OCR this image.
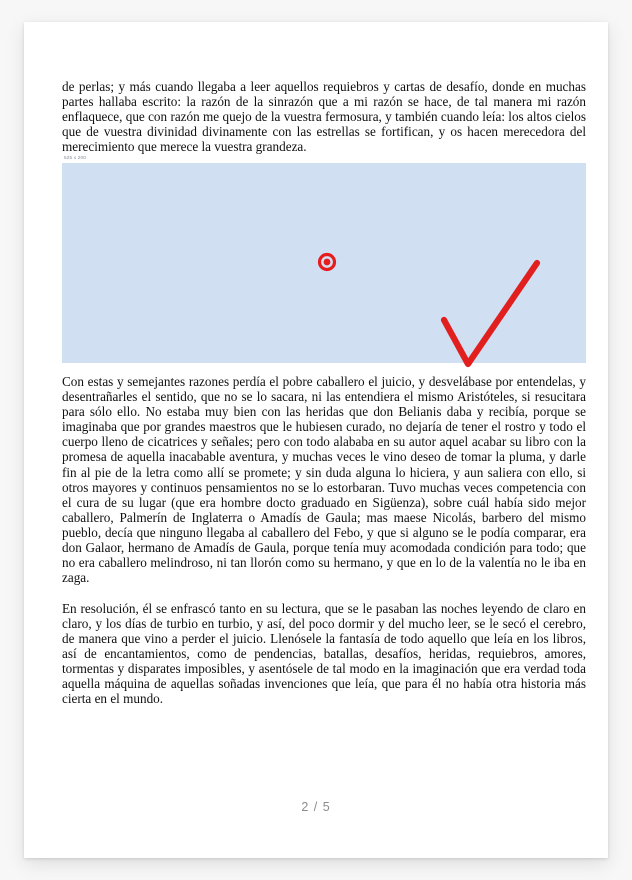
de perlas; y más cuando llegaba a leer aquellos requiebros y cartas de desafío, donde en muchas partes hallaba escrito: la razón de la sinrazón que a mi razón se hace, de tal manera mi razón enflaquece, que con razón me quejo de la vuestra fermosura, y también cuando leía: los altos cielos que de vuestra divinidad divinamente con las estrellas se fortifican, y os hacen merecedora del merecimiento que merece la vuestra grandeza.

525 x 200

Con estas y semejantes razones perdía el pobre caballero el juicio, y desvelábase por entendelas, y desentrañarles el sentido, que no se lo sacara, ni las entendiera el mismo Aristóteles, si resucitara para sólo ello. No estaba muy bien con las heridas que don Belianis daba y recibía, porque se imaginaba que por grandes maestros que le hubiesen curado, no dejaría de tener el rostro y todo el cuerpo lleno de cicatrices y señales; pero con todo alababa en su autor aquel acabar su libro con la promesa de aquella inacabable aventura, y muchas veces le vino deseo de tomar la pluma, y darle fin al pie de la letra como allí se promete; y sin duda alguna lo hiciera, y aun saliera con ello, si otros mayores y continuos pensamientos no se lo estorbaran. Tuvo muchas veces competencia con el cura de su lugar (que era hombre docto graduado en Sigüenza), sobre cuál había sido mejor caballero, Palmerín de Inglaterra o Amadís de Gaula; mas maese Nicolás, barbero del mismo pueblo, decía que ninguno llegaba al caballero del Febo, y que si alguno se le podía comparar, era don Galaor, hermano de Amadís de Gaula, porque tenía muy acomodada condición para todo; que no era caballero melindroso, ni tan llorón como su hermano, y que en lo de la valentía no le iba en zaga.

En resolución, él se enfrascó tanto en su lectura, que se le pasaban las noches leyendo de claro en claro, y los días de turbio en turbio, y así, del poco dormir y del mucho leer, se le secó el cerebro, de manera que vino a perder el juicio. Llenósele la fantasía de todo aquello que leía en los libros, así de encantamientos, como de pendencias, batallas, desafíos, heridas, requiebros, amores, tormentas y disparates imposibles, y asentósele de tal modo en la imaginación que era verdad toda aquella máquina de aquellas soñadas invenciones que leía, que para él no había otra historia más cierta en el mundo.

2 / 5
